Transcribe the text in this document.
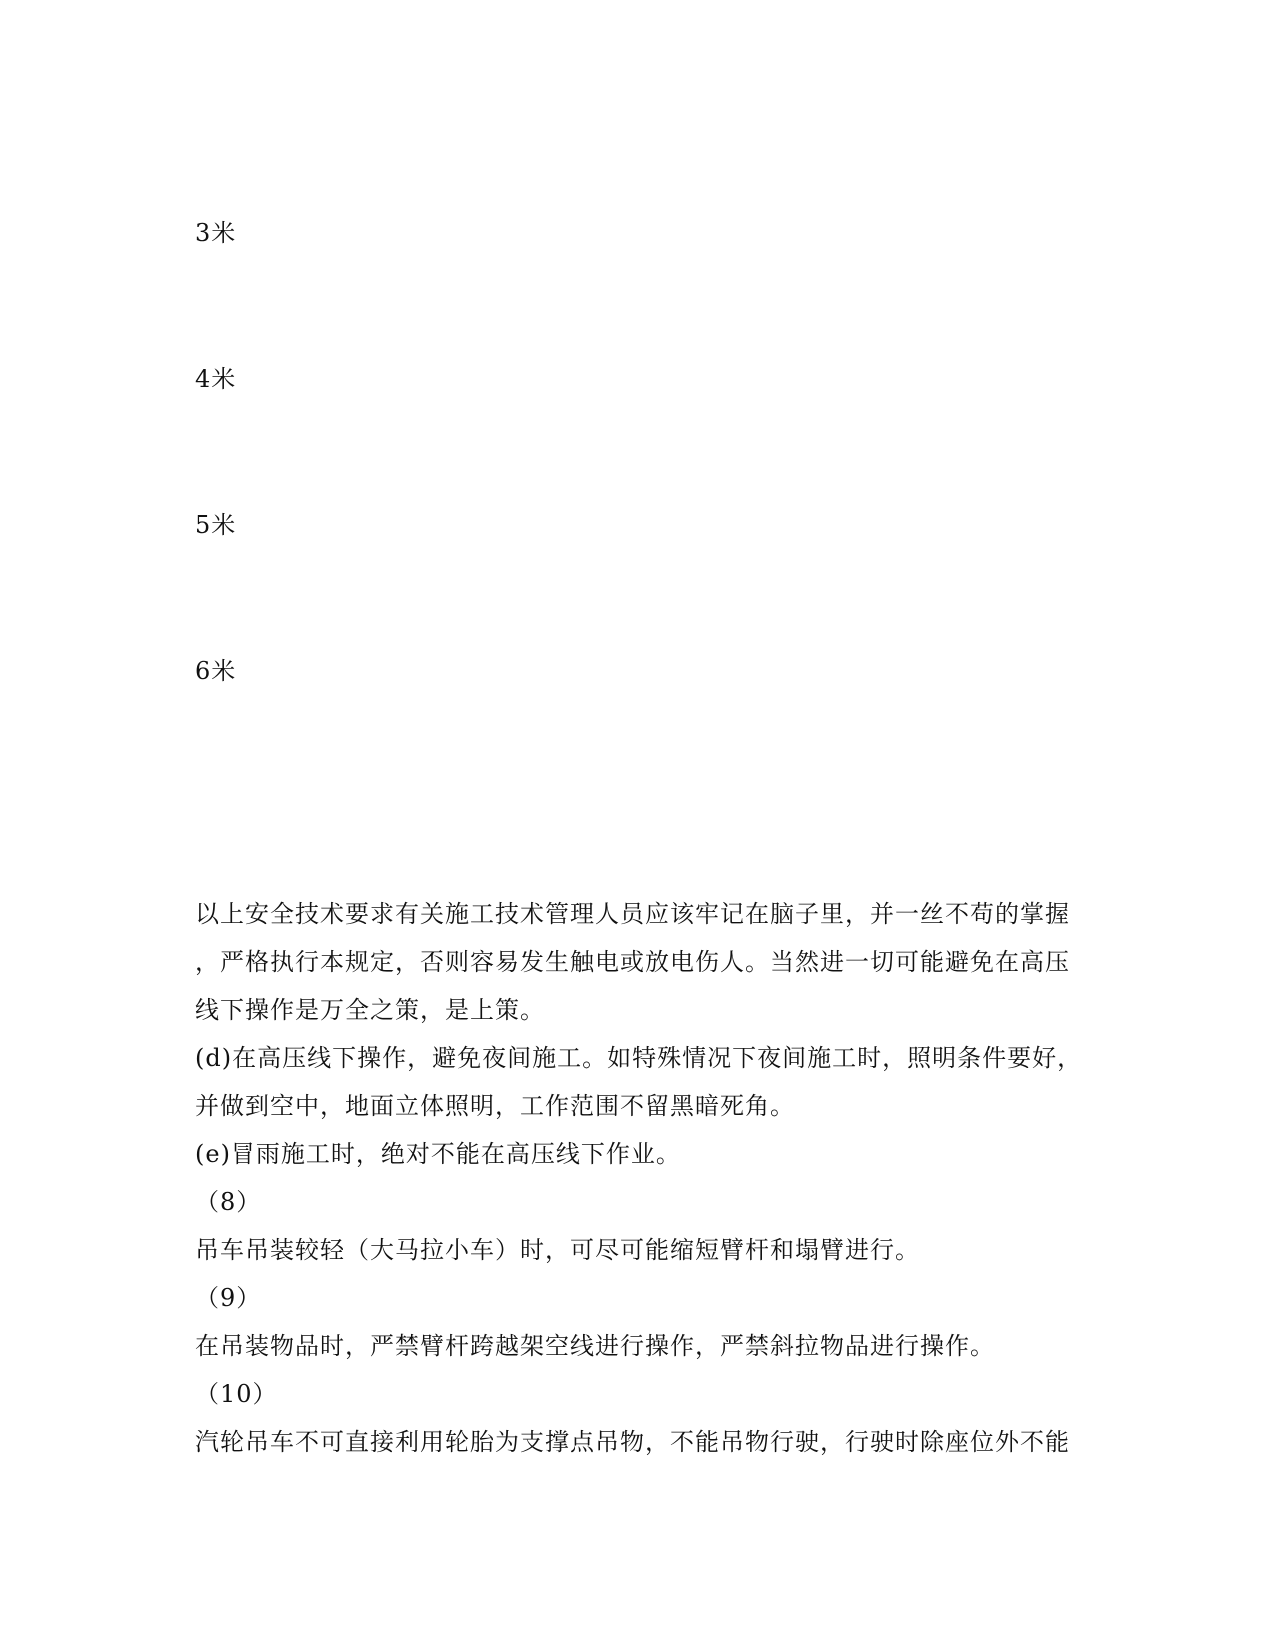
3米
4米
5米
6米
以上安全技术要求有关施工技术管理人员应该牢记在脑子里，并一丝不苟的掌握
，严格执行本规定，否则容易发生触电或放电伤人。当然进一切可能避免在高压
线下操作是万全之策，是上策。
(d)在高压线下操作，避免夜间施工。如特殊情况下夜间施工时，照明条件要好，
并做到空中，地面立体照明，工作范围不留黑暗死角。
(e)冒雨施工时，绝对不能在高压线下作业。
（8）
吊车吊装较轻（大马拉小车）时，可尽可能缩短臂杆和塌臂进行。
（9）
在吊装物品时，严禁臂杆跨越架空线进行操作，严禁斜拉物品进行操作。
（10）
汽轮吊车不可直接利用轮胎为支撑点吊物，不能吊物行驶，行驶时除座位外不能
